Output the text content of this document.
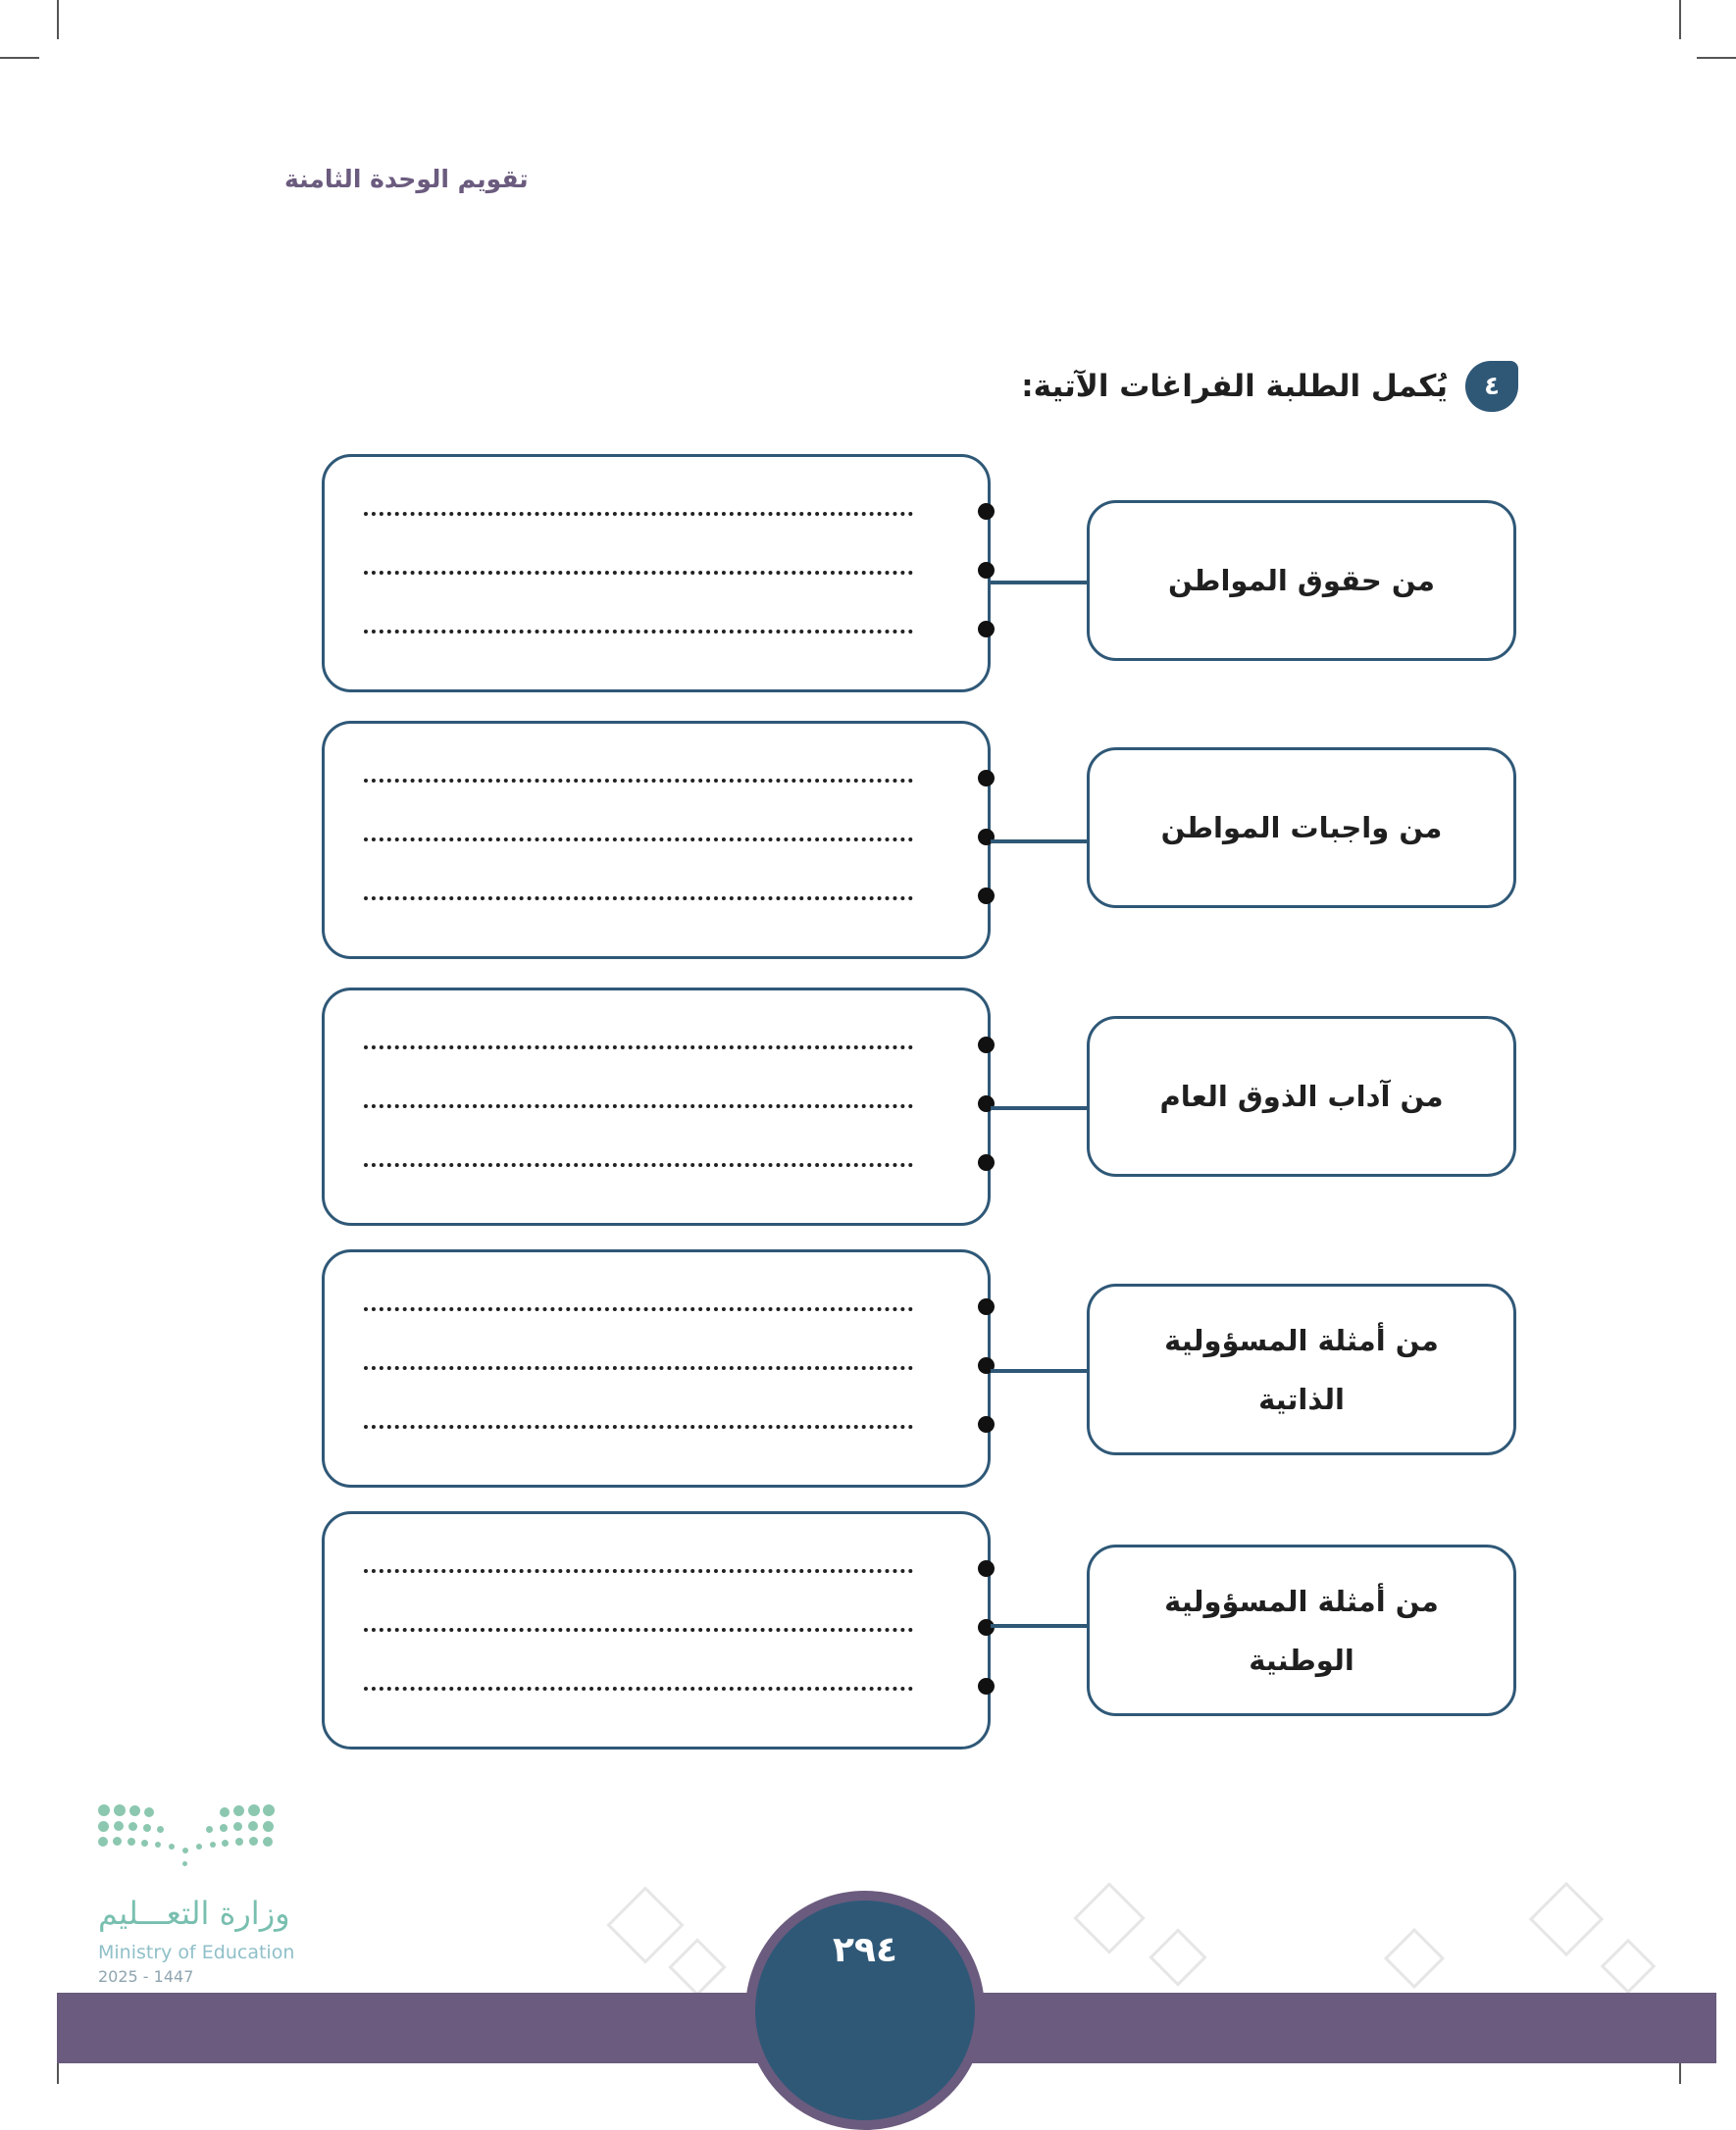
تقويم الوحدة الثامنة
٤
يُكمل الطلبة الفراغات الآتية:
من حقوق المواطن
من واجبات المواطن
من آداب الذوق العام
من أمثلة المسؤولية الذاتية
من أمثلة المسؤولية الوطنية
٢٩٤
وزارة التعـــليم
Ministry of Education
2025 - 1447
